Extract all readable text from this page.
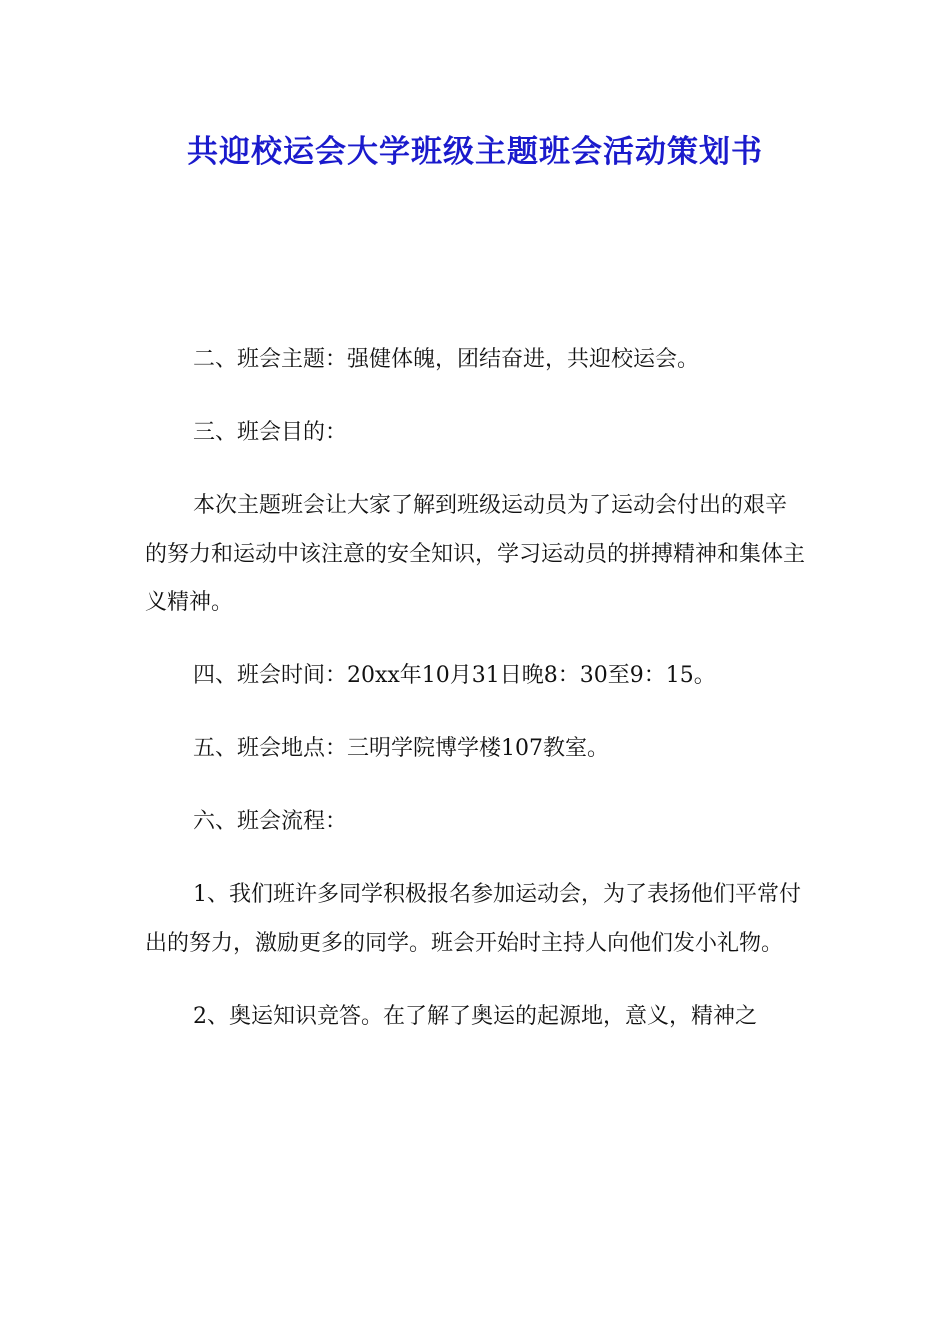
共迎校运会大学班级主题班会活动策划书

二、班会主题：强健体魄，团结奋进，共迎校运会。

三、班会目的：

本次主题班会让大家了解到班级运动员为了运动会付出的艰辛的努力和运动中该注意的安全知识，学习运动员的拼搏精神和集体主义精神。

四、班会时间：20xx年10月31日晚8：30至9：15。

五、班会地点：三明学院博学楼107教室。

六、班会流程：

1、我们班许多同学积极报名参加运动会，为了表扬他们平常付出的努力，激励更多的同学。班会开始时主持人向他们发小礼物。

2、奥运知识竞答。在了解了奥运的起源地，意义，精神之
